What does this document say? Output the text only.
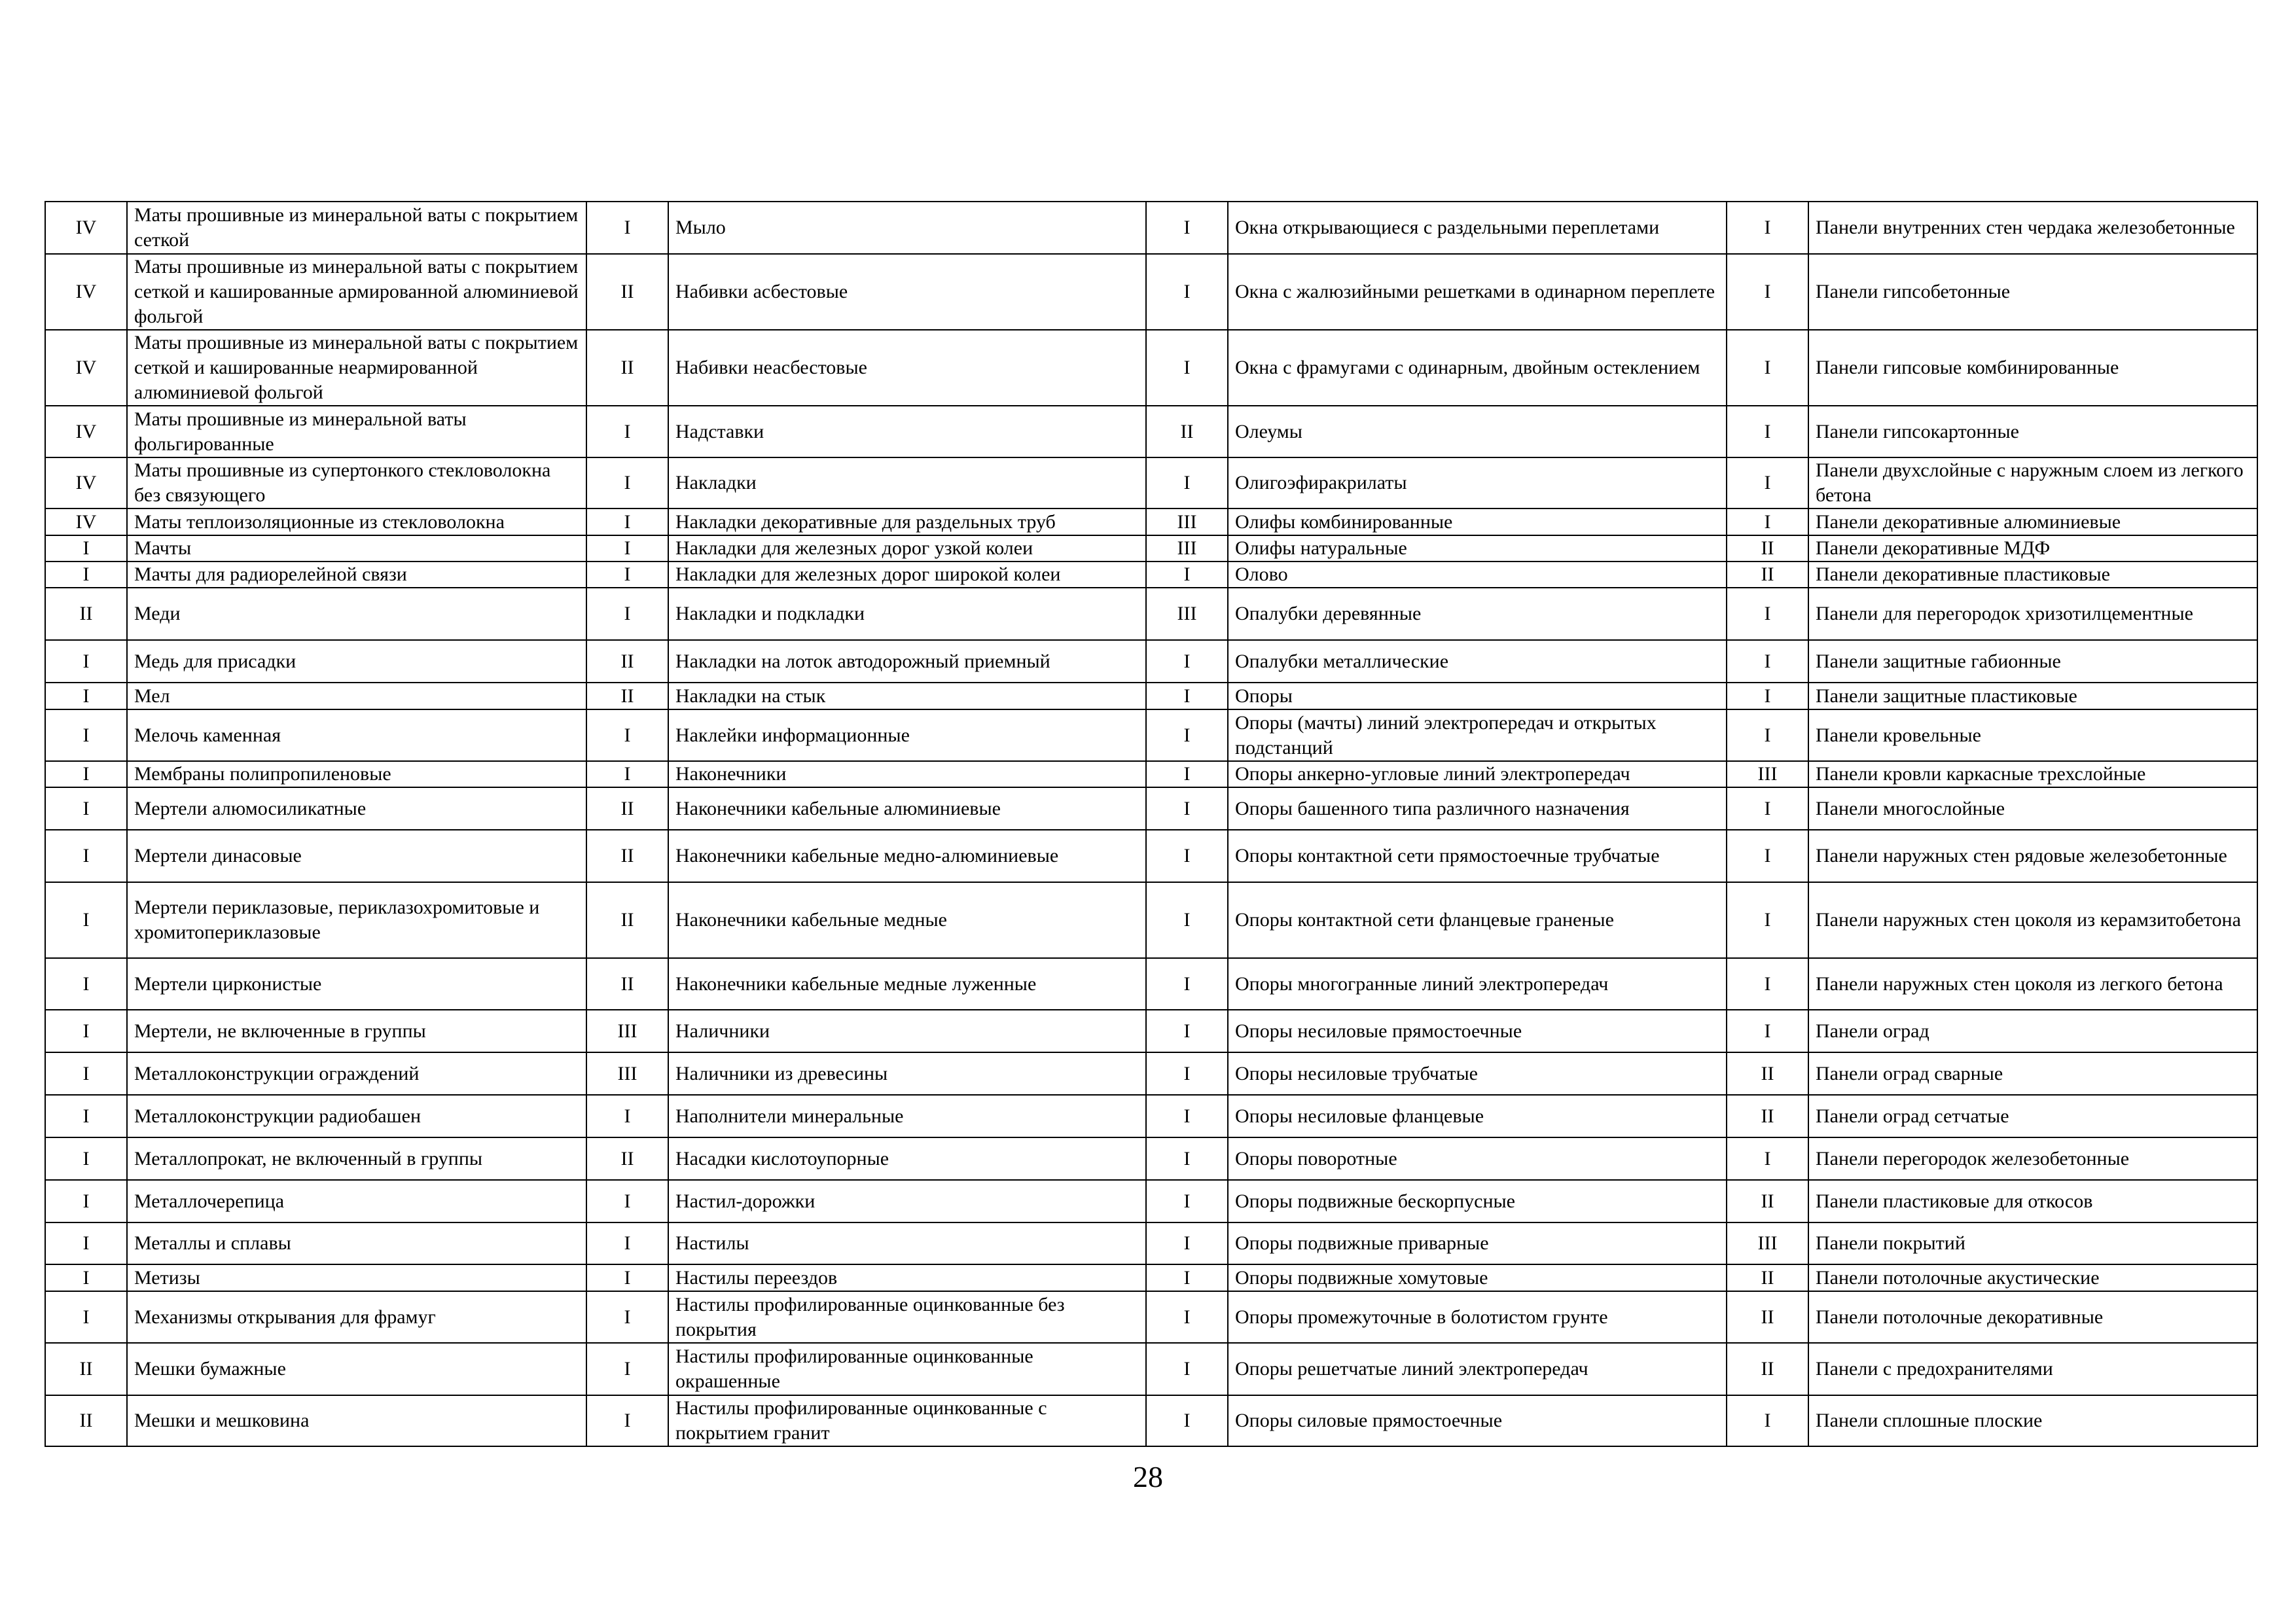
IV	Маты прошивные из минеральной ваты с покрытием сеткой	I	Мыло	I	Окна открывающиеся с раздельными переплетами	I	Панели внутренних стен чердака железобетонные
IV	Маты прошивные из минеральной ваты с покрытием сеткой и кашированные армированной алюминиевой фольгой	II	Набивки асбестовые	I	Окна с жалюзийными решетками в одинарном переплете	I	Панели гипсобетонные
IV	Маты прошивные из минеральной ваты с покрытием сеткой и кашированные неармированной алюминиевой фольгой	II	Набивки неасбестовые	I	Окна с фрамугами с одинарным, двойным остеклением	I	Панели гипсовые комбинированные
IV	Маты прошивные из минеральной ваты фольгированные	I	Надставки	II	Олеумы	I	Панели гипсокартонные
IV	Маты прошивные из супертонкого стекловолокна без связующего	I	Накладки	I	Олигоэфиракрилаты	I	Панели двухслойные с наружным слоем из легкого бетона
IV	Маты теплоизоляционные из стекловолокна	I	Накладки декоративные для раздельных труб	III	Олифы комбинированные	I	Панели декоративные алюминиевые
I	Мачты	I	Накладки для железных дорог узкой колеи	III	Олифы натуральные	II	Панели декоративные МДФ
I	Мачты для радиорелейной связи	I	Накладки для железных дорог широкой колеи	I	Олово	II	Панели декоративные пластиковые
II	Меди	I	Накладки и подкладки	III	Опалубки деревянные	I	Панели для перегородок хризотилцементные
I	Медь для присадки	II	Накладки на лоток автодорожный приемный	I	Опалубки металлические	I	Панели защитные габионные
I	Мел	II	Накладки на стык	I	Опоры	I	Панели защитные пластиковые
I	Мелочь каменная	I	Наклейки информационные	I	Опоры (мачты) линий электропередач и открытых подстанций	I	Панели кровельные
I	Мембраны полипропиленовые	I	Наконечники	I	Опоры анкерно-угловые линий электропередач	III	Панели кровли каркасные трехслойные
I	Мертели алюмосиликатные	II	Наконечники кабельные алюминиевые	I	Опоры башенного типа различного назначения	I	Панели многослойные
I	Мертели динасовые	II	Наконечники кабельные медно-алюминиевые	I	Опоры контактной сети прямостоечные трубчатые	I	Панели наружных стен рядовые железобетонные
I	Мертели периклазовые, периклазохромитовые и хромитопериклазовые	II	Наконечники кабельные медные	I	Опоры контактной сети фланцевые граненые	I	Панели наружных стен цоколя из керамзитобетона
I	Мертели цирконистые	II	Наконечники кабельные медные луженные	I	Опоры многогранные линий электропередач	I	Панели наружных стен цоколя из легкого бетона
I	Мертели, не включенные в группы	III	Наличники	I	Опоры несиловые прямостоечные	I	Панели оград
I	Металлоконструкции ограждений	III	Наличники из древесины	I	Опоры несиловые трубчатые	II	Панели оград сварные
I	Металлоконструкции радиобашен	I	Наполнители минеральные	I	Опоры несиловые фланцевые	II	Панели оград сетчатые
I	Металлопрокат, не включенный в группы	II	Насадки кислотоупорные	I	Опоры поворотные	I	Панели перегородок железобетонные
I	Металлочерепица	I	Настил-дорожки	I	Опоры подвижные бескорпусные	II	Панели пластиковые для откосов
I	Металлы и сплавы	I	Настилы	I	Опоры подвижные приварные	III	Панели покрытий
I	Метизы	I	Настилы переездов	I	Опоры подвижные хомутовые	II	Панели потолочные акустические
I	Механизмы открывания для фрамуг	I	Настилы профилированные оцинкованные без покрытия	I	Опоры промежуточные в болотистом грунте	II	Панели потолочные декоративные
II	Мешки бумажные	I	Настилы профилированные оцинкованные окрашенные	I	Опоры решетчатые линий электропередач	II	Панели с предохранителями
II	Мешки и мешковина	I	Настилы профилированные оцинкованные с покрытием гранит	I	Опоры силовые прямостоечные	I	Панели сплошные плоские
28
